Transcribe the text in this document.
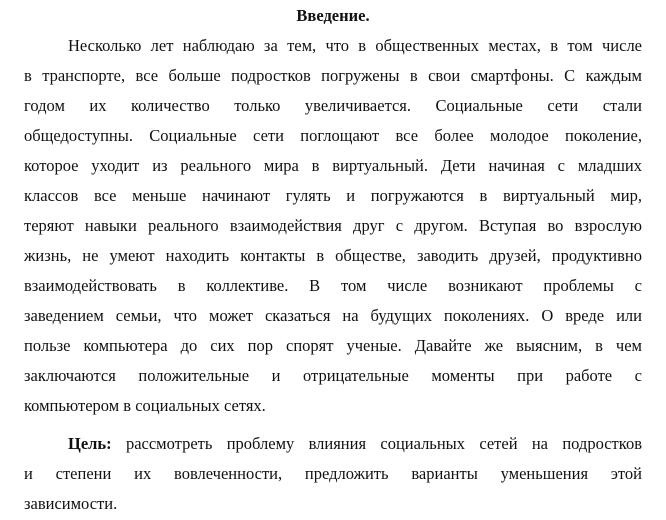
Введение.
Несколько лет наблюдаю за тем, что в общественных местах, в том числе
в транспорте, все больше подростков погружены в свои смартфоны. С каждым
годом их количество только увеличивается. Социальные сети стали
общедоступны. Социальные сети поглощают все более молодое поколение,
которое уходит из реального мира в виртуальный. Дети начиная с младших
классов все меньше начинают гулять и погружаются в виртуальный мир,
теряют навыки реального взаимодействия друг с другом. Вступая во взрослую
жизнь, не умеют находить контакты в обществе, заводить друзей, продуктивно
взаимодействовать в коллективе. В том числе возникают проблемы с
заведением семьи, что может сказаться на будущих поколениях. О вреде или
пользе компьютера до сих пор спорят ученые. Давайте же выясним, в чем
заключаются положительные и отрицательные моменты при работе с
компьютером в социальных сетях.
Цель: рассмотреть проблему влияния социальных сетей на подростков
и степени их вовлеченности, предложить варианты уменьшения этой
зависимости.
